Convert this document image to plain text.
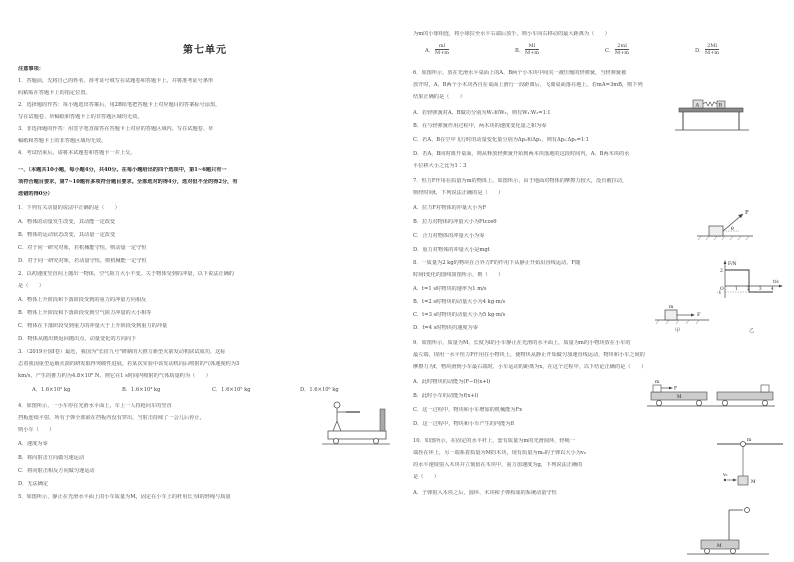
第七单元
注意事项：
A．1.6×10² kg	B．1.6×10³ kg	C．1.6×10⁵ kg	D．1.6×10⁶ kg
1．答题前，先将自己的姓名、准考证号填写在试题卷和答题卡上，并将准考证号条形
码粘贴在答题卡上的指定位置。
2．选择题的作答：每小题选出答案后，用2B铅笔把答题卡上对应题目的答案标号涂黑，
写在试题卷、草稿纸和答题卡上的非答题区域均无效。
3．非选择题的作答：用签字笔直接答在答题卡上对应的答题区域内。写在试题卷、草
稿纸和答题卡上的非答题区域均无效。
4．考试结束后，请将本试题卷和答题卡一并上交。
一、（本题共10小题，每小题4分，共40分。在每小题给出的四个选项中，第1~6题只有一
项符合题目要求，第7~10题有多项符合题目要求。全部选对的得4分，选对但不全的得2分，有
选错的得0分）
1．下列有关动量的说法中正确的是（　　）
A．物体的动量发生改变，其动能一定改变
B．物体的运动状态改变，其动量一定改变
C．对于同一研究对象，若机械能守恒，则动量一定守恒
D．对于同一研究对象，若动量守恒，则机械能一定守恒
2．以初速度竖直向上抛出一物体，空气阻力大小不变。关于物体受到的冲量，以下说法正确的
是（　　）
A．物体上升阶段和下落阶段受到的重力的冲量方向相反
B．物体上升阶段和下落阶段受到空气阻力冲量的大小相等
C．物体在下落阶段受到重力的冲量大于上升阶段受到重力的冲量
D．物体从抛出到返回抛出点，动量变化的方向向下
3．（2019全国Ⅰ卷）最近，我国为"长征九号"研制的大推力新型火箭发动机联试成功，这标
志着我国重型运载火箭的研发取得突破性进展。若某次实验中该发动机向后喷射的气体速度约为3
km/s，产生的推力约为4.8×10⁶ N，则它在1 s时间内喷射的气体质量约为（　　）
4．如图所示，一小车停在光滑水平面上，车上一人持枪向车的竖直
挡板连续平射，所有子弹全部嵌在挡板内没有穿出，当射击持续了一会儿后停止，
则小车（　　）
A．速度为零
B．将向射击方向做匀速运动
C．将向射击相反方向做匀速运动
D．无法确定
5．如图所示，静止在光滑水平面上的小车质量为M，固定在小车上的杆用长为l的轻绳与质量
A． $\frac{ml}{M+m}$	B． $\frac{Ml}{M+m}$	C． $\frac{2ml}{M+m}$	D． $\frac{2Ml}{M+m}$
A	B
F
θ
F/N
t/s
2
-1
O	1 2 3 4
F
m
甲	乙
m
F
M
m
v₀
M
M
为m的小球相连，将小球拉至水平右端后放手，则小车向右移动的最大距离为（　　）
6．如图所示，放在光滑水平桌面上的A、B两个小木块中间夹一被压缩的轻弹簧，当轻弹簧被
放开时，A、B两个小木块各自在桌面上滑行一段距离后，飞离桌面落在地上。若mA=3mB，则下列
结果正确的是（　　）
A．若轻弹簧对A、B做功分别为W₁和W₂，则有W₁∶W₂=1∶1
B．在与轻弹簧作用过程中，两木块的速度变化量之和为零
C．若A、B在空中飞行时的动量变化量分别为Δp₁和Δp₂，则有Δp₁∶Δp₂=1∶1
D．若A、B同时离开桌面，则从释放轻弹簧开始到两木块落地的这段时间内，A、B两木块的水
平位移大小之比为1∶3
7．恒力F作用在质量为m的物体上，如图所示，由于地面对物体的摩擦力较大，没有被拉动，
则经时间t，下列说法正确的是（　　）
A．拉力F对物体的冲量大小为F
B．拉力对物体的冲量大小为Ftcosθ
C．合力对物体的冲量大小为零
D．重力对物体的冲量大小是mgt
8．一质量为2 kg的物块在合外力F的作用下从静止开始沿直线运动。F随
时间t变化的图线如图所示，则（　　）
A．t=1 s时物块的速率为1 m/s
B．t=2 s时物块的动量大小为4 kg·m/s
C．t=3 s时物块的动量大小为5 kg·m/s
D．t=4 s时物块的速度为零
9．如图所示，质量为M、长度为l的小车静止在光滑的水平面上，质量为m的小物块放在小车的
最左端，现用一水平恒力F作用在小物块上，使物块从静止开始做匀加速直线运动，物块和小车之间的
摩擦力为f，物块滑到小车最右端时，小车运动的距离为x，在这个过程中，以下结论正确的是（　　）
A．此时物块的动能为(F−f)(x+l)
B．此时小车的动能为f(x+l)
C．这一过程中，物块和小车增加的机械能为Fx
D．这一过程中，物块和小车产生的内能为fl
10．如图所示，在固定的水平杆上，套有质量为m的光滑圆环，轻绳一
端拴在环上，另一端系着质量为M的木块，现有质量为m₀的子弹以大小为v₀
的水平速度射入木块并立刻留在木块中，重力加速度为g，下列说法正确的
是（　　）
A．子弹射入木块之后，圆环、木块和子弹构成的系统动量守恒
